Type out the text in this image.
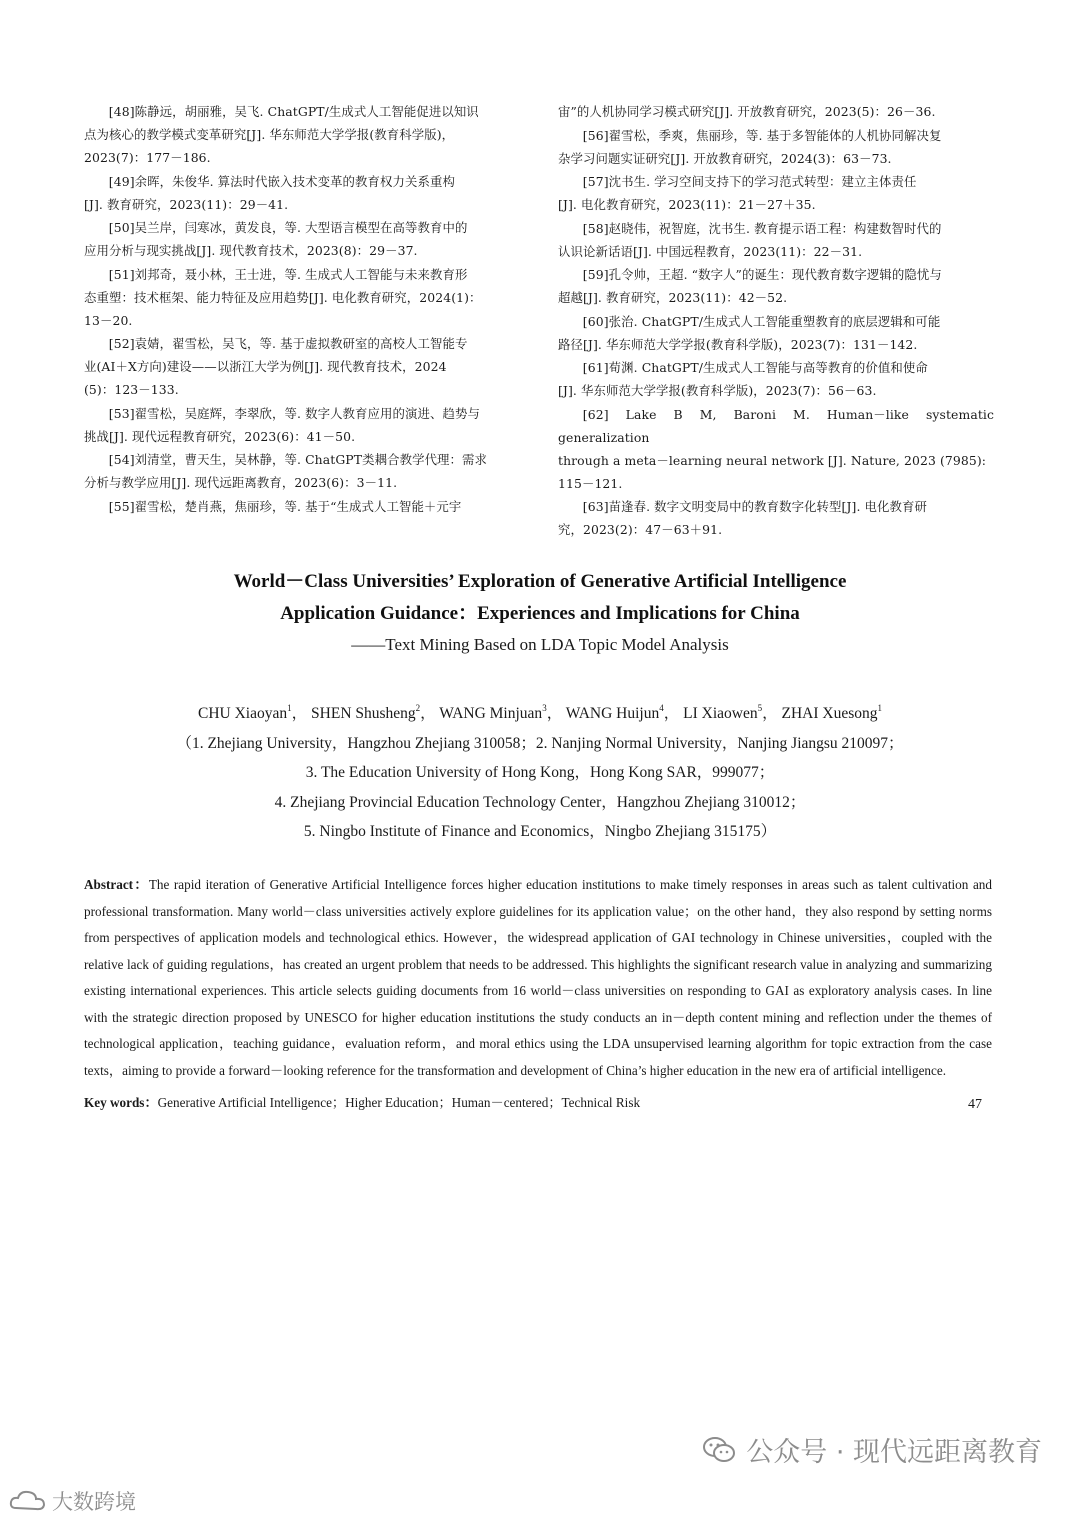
[48]陈静远，胡丽雅，吴飞. ChatGPT/生成式人工智能促进以知识
点为核心的教学模式变革研究[J]. 华东师范大学学报(教育科学版)，
2023(7)：177－186.
[49]余晖，朱俊华. 算法时代嵌入技术变革的教育权力关系重构
[J]. 教育研究，2023(11)：29－41.
[50]吴兰岸，闫寒冰，黄发良，等. 大型语言模型在高等教育中的
应用分析与现实挑战[J]. 现代教育技术，2023(8)：29－37.
[51]刘邦奇，聂小林，王士进，等. 生成式人工智能与未来教育形
态重塑：技术框架、能力特征及应用趋势[J]. 电化教育研究，2024(1)：
13－20.
[52]袁婧，翟雪松，吴飞，等. 基于虚拟教研室的高校人工智能专
业(AI＋X方向)建设——以浙江大学为例[J]. 现代教育技术，2024
(5)：123－133.
[53]翟雪松，吴庭辉，李翠欣，等. 数字人教育应用的演进、趋势与
挑战[J]. 现代远程教育研究，2023(6)：41－50.
[54]刘清堂，曹天生，吴林静，等. ChatGPT类耦合教学代理：需求
分析与教学应用[J]. 现代远距离教育，2023(6)：3－11.
[55]翟雪松，楚肖燕，焦丽珍，等. 基于“生成式人工智能＋元宇
宙”的人机协同学习模式研究[J]. 开放教育研究，2023(5)：26－36.
[56]翟雪松，季爽，焦丽珍，等. 基于多智能体的人机协同解决复
杂学习问题实证研究[J]. 开放教育研究，2024(3)：63－73.
[57]沈书生. 学习空间支持下的学习范式转型：建立主体责任
[J]. 电化教育研究，2023(11)：21－27＋35.
[58]赵晓伟，祝智庭，沈书生. 教育提示语工程：构建数智时代的
认识论新话语[J]. 中国远程教育，2023(11)：22－31.
[59]孔令帅，王超. “数字人”的诞生：现代教育数字逻辑的隐忧与
超越[J]. 教育研究，2023(11)：42－52.
[60]张治. ChatGPT/生成式人工智能重塑教育的底层逻辑和可能
路径[J]. 华东师范大学学报(教育科学版)，2023(7)：131－142.
[61]荀渊. ChatGPT/生成式人工智能与高等教育的价值和使命
[J]. 华东师范大学学报(教育科学版)，2023(7)：56－63.
[62] Lake B M, Baroni M. Human－like systematic generalization
through a meta－learning neural network [J]. Nature, 2023 (7985):
115－121.
[63]苗逢春. 数字文明变局中的教育数字化转型[J]. 电化教育研
究，2023(2)：47－63＋91.
World－Class Universities’ Exploration of Generative Artificial Intelligence
Application Guidance：Experiences and Implications for China
——Text Mining Based on LDA Topic Model Analysis
CHU Xiaoyan$^1$， SHEN Shusheng$^2$， WANG Minjuan$^3$， WANG Huijun$^4$， LI Xiaowen$^5$， ZHAI Xuesong$^1$
（1. Zhejiang University，Hangzhou Zhejiang 310058；2. Nanjing Normal University，Nanjing Jiangsu 210097；
3. The Education University of Hong Kong，Hong Kong SAR，999077；
4. Zhejiang Provincial Education Technology Center，Hangzhou Zhejiang 310012；
5. Ningbo Institute of Finance and Economics，Ningbo Zhejiang 315175）
Abstract：The rapid iteration of Generative Artificial Intelligence forces higher education institutions to make timely responses in areas such as talent cultivation and professional transformation. Many world－class universities actively explore guidelines for its application value；on the other hand，they also respond by setting norms from perspectives of application models and technological ethics. However，the widespread application of GAI technology in Chinese universities，coupled with the relative lack of guiding regulations，has created an urgent problem that needs to be addressed. This highlights the significant research value in analyzing and summarizing existing international experiences. This article selects guiding documents from 16 world－class universities on responding to GAI as exploratory analysis cases. In line with the strategic direction proposed by UNESCO for higher education institutions the study conducts an in－depth content mining and reflection under the themes of technological application，teaching guidance，evaluation reform，and moral ethics using the LDA unsupervised learning algorithm for topic extraction from the case texts，aiming to provide a forward－looking reference for the transformation and development of China’s higher education in the new era of artificial intelligence.
Key words：Generative Artificial Intelligence；Higher Education；Human－centered；Technical Risk	47
公众号 · 现代远距离教育
大数跨境
